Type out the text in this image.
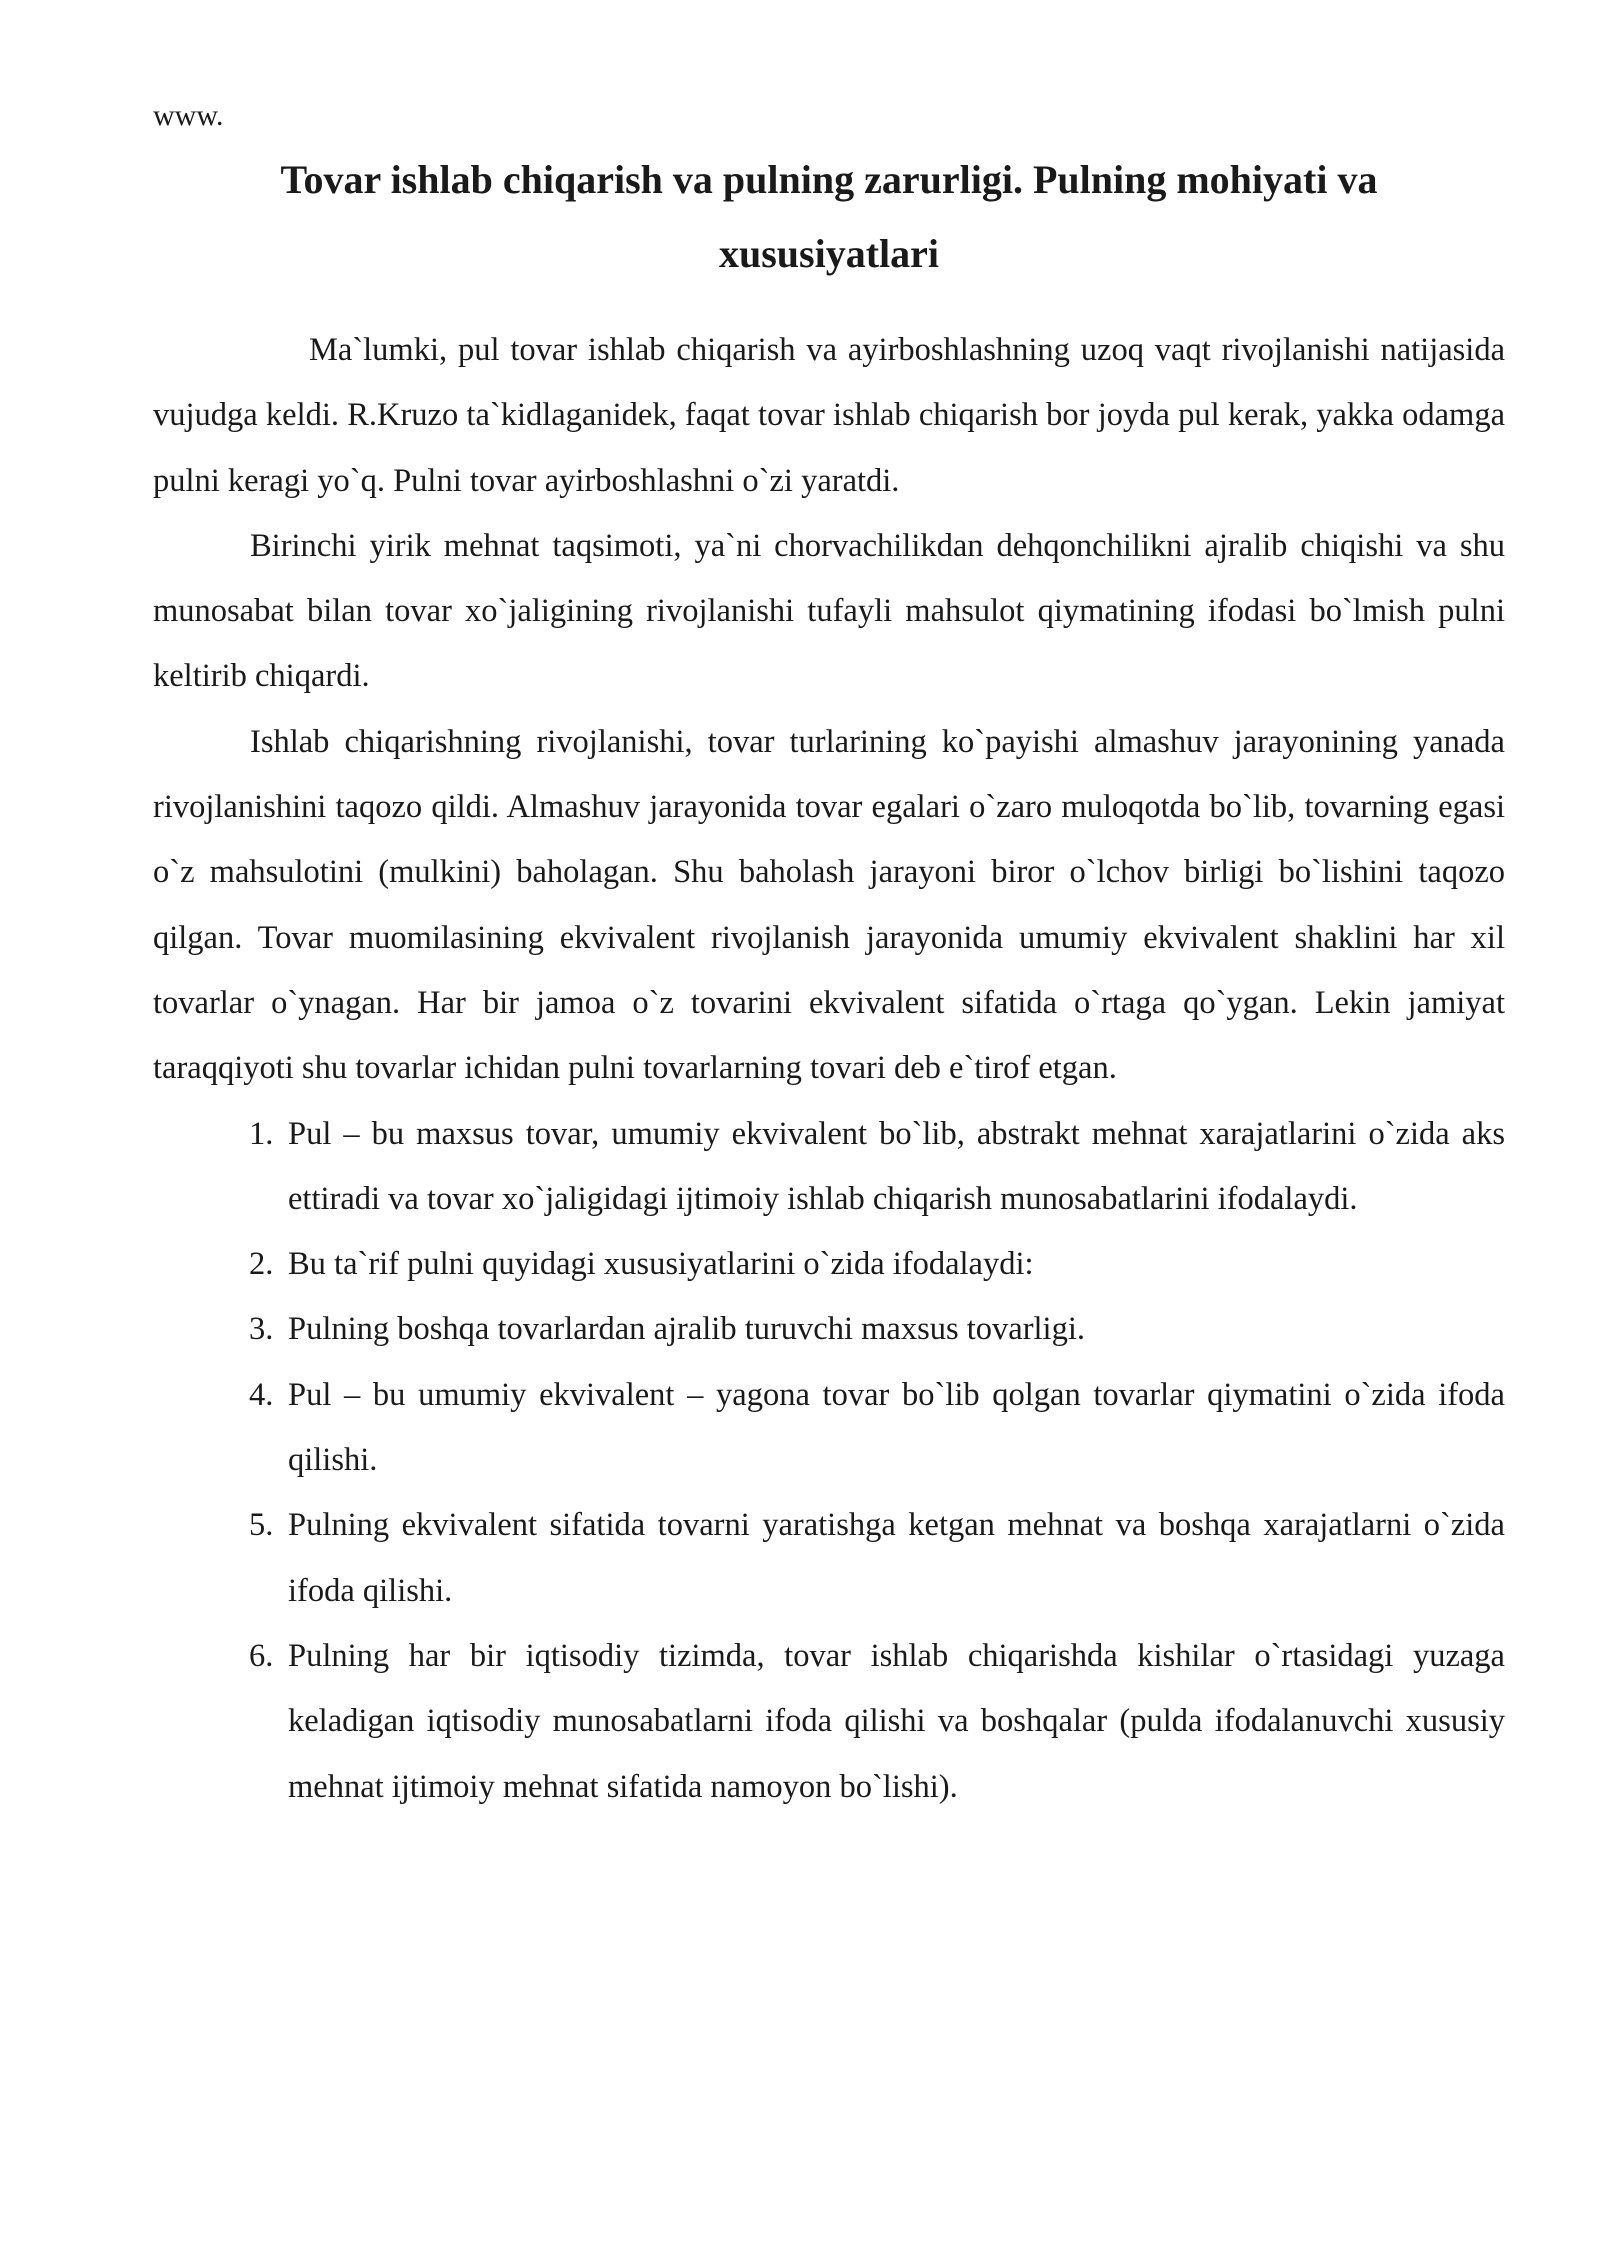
www.
Tovar ishlab chiqarish va pulning zarurligi. Pulning mohiyati va
xususiyatlari

Ma`lumki, pul tovar ishlab chiqarish va ayirboshlashning uzoq vaqt rivojlanishi natijasida vujudga keldi. R.Kruzo ta`kidlaganidek, faqat tovar ishlab chiqarish bor joyda pul kerak, yakka odamga pulni keragi yo`q. Pulni tovar ayirboshlashni o`zi yaratdi.

Birinchi yirik mehnat taqsimoti, ya`ni chorvachilikdan dehqonchilikni ajralib chiqishi va shu munosabat bilan tovar xo`jaligining rivojlanishi tufayli mahsulot qiymatining ifodasi bo`lmish pulni keltirib chiqardi.

Ishlab chiqarishning rivojlanishi, tovar turlarining ko`payishi almashuv jarayonining yanada rivojlanishini taqozo qildi. Almashuv jarayonida tovar egalari o`zaro muloqotda bo`lib, tovarning egasi o`z mahsulotini (mulkini) baholagan. Shu baholash jarayoni biror o`lchov birligi bo`lishini taqozo qilgan. Tovar muomilasining ekvivalent rivojlanish jarayonida umumiy ekvivalent shaklini har xil tovarlar o`ynagan. Har bir jamoa o`z tovarini ekvivalent sifatida o`rtaga qo`ygan. Lekin jamiyat taraqqiyoti shu tovarlar ichidan pulni tovarlarning tovari deb e`tirof etgan.

1. Pul – bu maxsus tovar, umumiy ekvivalent bo`lib, abstrakt mehnat xarajatlarini o`zida aks ettiradi va tovar xo`jaligidagi ijtimoiy ishlab chiqarish munosabatlarini ifodalaydi.
2. Bu ta`rif pulni quyidagi xususiyatlarini o`zida ifodalaydi:
3. Pulning boshqa tovarlardan ajralib turuvchi maxsus tovarligi.
4. Pul – bu umumiy ekvivalent – yagona tovar bo`lib qolgan tovarlar qiymatini o`zida ifoda qilishi.
5. Pulning ekvivalent sifatida tovarni yaratishga ketgan mehnat va boshqa xarajatlarni o`zida ifoda qilishi.
6. Pulning har bir iqtisodiy tizimda, tovar ishlab chiqarishda kishilar o`rtasidagi yuzaga keladigan iqtisodiy munosabatlarni ifoda qilishi va boshqalar (pulda ifodalanuvchi xususiy mehnat ijtimoiy mehnat sifatida namoyon bo`lishi).
